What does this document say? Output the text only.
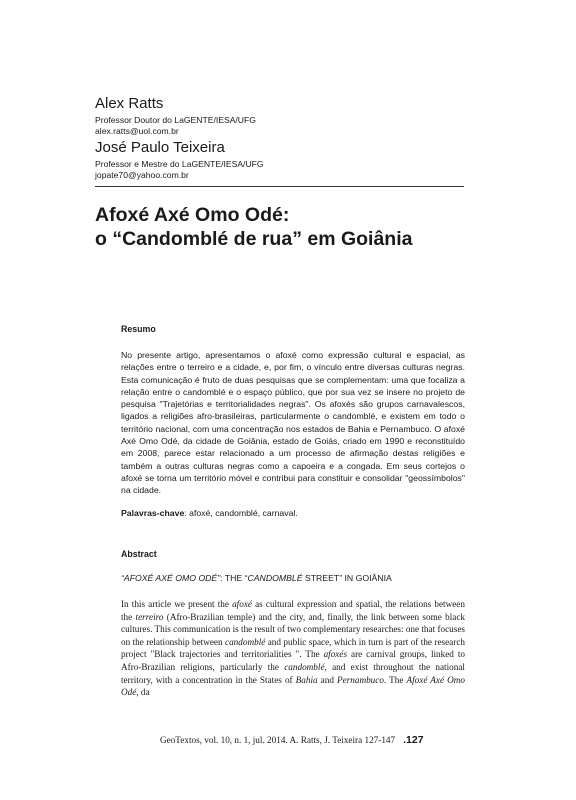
Alex Ratts
Professor Doutor do LaGENTE/IESA/UFG
alex.ratts@uol.com.br
José Paulo Teixeira
Professor e Mestre do LaGENTE/IESA/UFG
jopate70@yahoo.com.br
Afoxé Axé Omo Odé:
o “Candomblé de rua” em Goiânia
Resumo

No presente artigo, apresentamos o afoxé como expressão cultural e espacial, as relações entre o terreiro e a cidade, e, por fim, o vínculo entre diversas culturas negras. Esta comunicação é fruto de duas pesquisas que se complementam: uma que focaliza a relação entre o candomblé e o espaço público, que por sua vez se insere no projeto de pesquisa "Trajetórias e territorialidades negras". Os afoxés são grupos carnavalescos, ligados a religiões afro-brasileiras, particularmente o candomblé, e existem em todo o território nacional, com uma concentração nos estados de Bahia e Pernambuco. O afoxé Axé Omo Odé, da cidade de Goiânia, estado de Goiás, criado em 1990 e reconstituído em 2008, parece estar relacionado a um processo de afirmação destas religiões e também a outras culturas negras como a capoeira e a congada. Em seus cortejos o afoxé se torna um território móvel e contribui para constituir e consolidar "geossímbolos" na cidade.

Palavras-chave: afoxé, candomblé, carnaval.
Abstract
“AFOXÉ AXÉ OMO ODÉ”: THE “CANDOMBLÉ STREET” IN GOIÂNIA

In this article we present the afoxé as cultural expression and spatial, the relations between the terreiro (Afro-Brazilian temple) and the city, and, finally, the link between some black cultures. This communication is the result of two complementary researches: one that focuses on the relationship between candomblé and public space, which in turn is part of the research project "Black trajectories and territorialities ". The afoxés are carnival groups, linked to Afro-Brazilian religions, particularly the candomblé, and exist throughout the national territory, with a concentration in the States of Bahia and Pernambuco. The Afoxé Axé Omo Odé, da

GeoTextos, vol. 10, n. 1, jul. 2014. A. Ratts, J. Teixeira 127-147 .127
